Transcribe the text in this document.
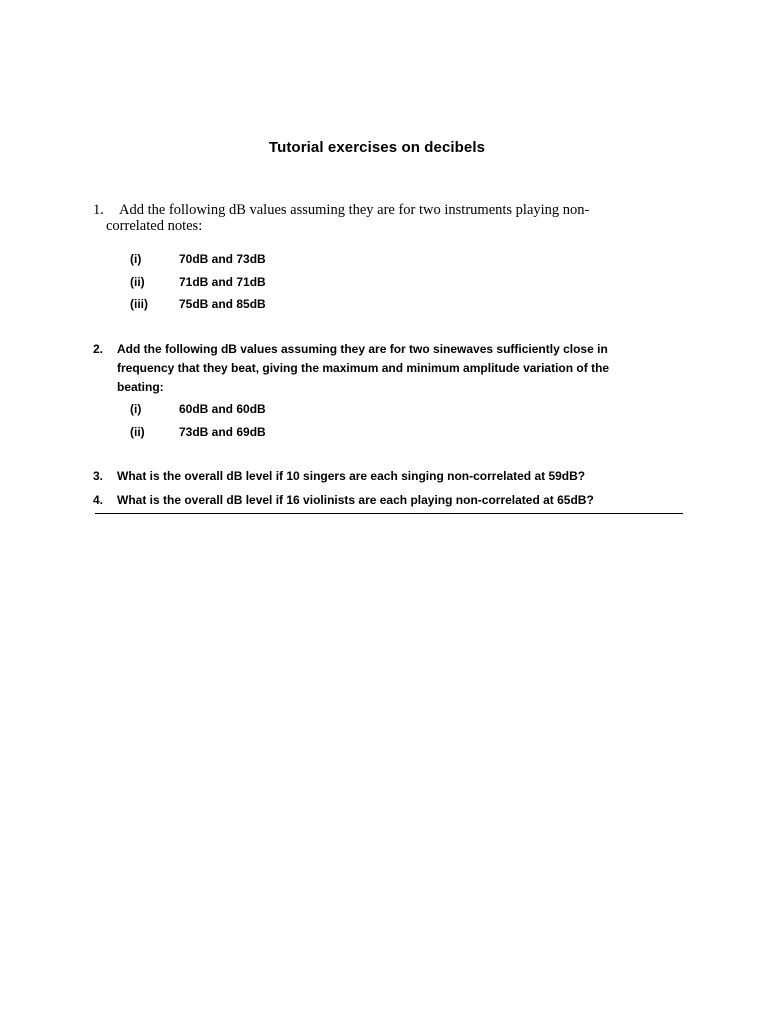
Tutorial exercises on decibels
1. Add the following dB values assuming they are for two instruments playing non-
correlated notes:
(i)	70dB and 73dB
(ii)	71dB and 71dB
(iii)	75dB and 85dB
2. Add the following dB values assuming they are for two sinewaves sufficiently close in
frequency that they beat, giving the maximum and minimum amplitude variation of the
beating:
(i)	60dB and 60dB
(ii)	73dB and 69dB
3. What is the overall dB level if 10 singers are each singing non-correlated at 59dB?
4. What is the overall dB level if 16 violinists are each playing non-correlated at 65dB?
